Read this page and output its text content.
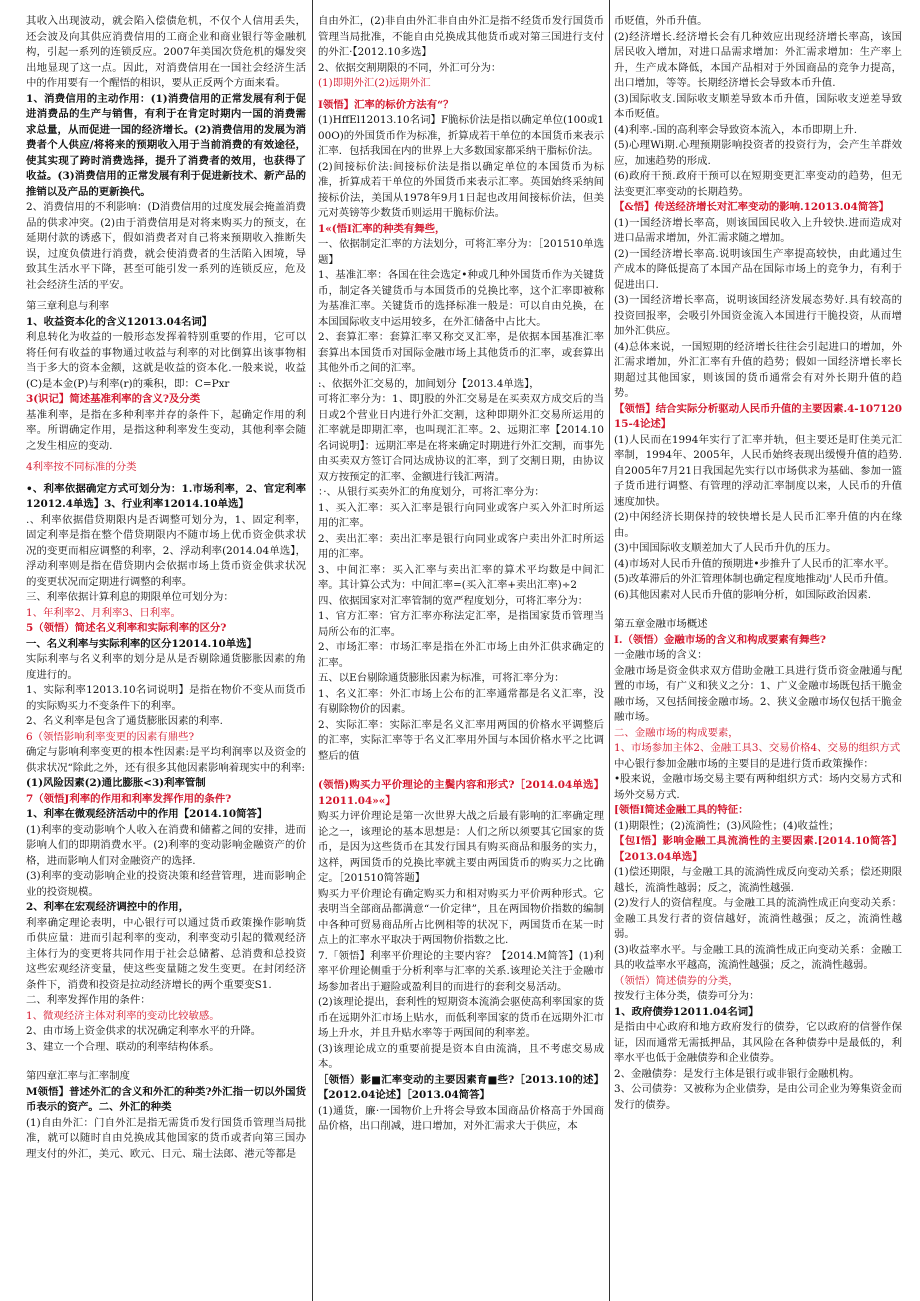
其收入出现波动，就会陷入偿债危机，不仅个人信用丢失，还会波及向其供应消费信用的工商企业和商业银行等金融机构，引起一系列的连锁反应。2007年美国次贷危机的爆发突出地显现了这一点。因此，对消费信用在一国社会经济生活中的作用要有一个醒悟的相识，要从正反两个方面来看。

1、消费信用的主动作用：(1)消费信用的正常发展有利于促进消费品的生产与销售，有利于在肯定时期内一国的消费需求总量，从而促进一国的经济增长。(2)消费信用的发展为消费者个人供应/将将来的预期收入用于当前消费的有效途径，使其实现了跨时消费选择，提升了消费者的效用，也获得了收益。(3)消费信用的正常发展有利于促进新技术、新产品的推销以及产品的更新换代。

2、消费信用的不利影响：(D消费信用的过度发展会掩盖消费品的供求冲突。(2)由于消费信用是对将来购买力的预支，在延期付款的诱惑下，假如消费者对自己将来预期收入推断失误，过度负债进行消费，就会使消费者的生活陷入困境，导致其生活水平下降，甚至可能引发一系列的连锁反应，危及社会经济生活的平安。

第三章利息与利率

1、收益资本化的含义12013.04名词】

利息转化为收益的一般形态发挥着特别重要的作用，它可以将任何有收益的事物通过收益与利率的对比倒算出该事物相当于多大的资本金额，这就是收益的资本化.一般来说，收益(C)是本金(P)与利率(r)的乘积，即：C=Pxr

3(识记】简述基准利率的含义?及分类

基准利率，是指在多种利率并存的条件下，起确定作用的利率。所谓确定作用，是指这种利率发生变动，其他利率会随之发生相应的变动.

4利率按不同标准的分类

•、利率依据确定方式可划分为：1.市场利率，2、官定利率12012.4单选】3、行业利率12014.10单选】

.、利率依据借贷期限内是否调整可划分为，1、固定利率，固定利率是指在整个借贷期限内不随市场上优币资金供求状况的变更而相应调整的利率，2、浮动利率(2014.04单选】，浮动利率则是指在借贷期内会依据市场上货币资金供求状况的变更状况而定期进行调整的利率。

三、利率依据计算利息的期限单位可划分为：

1、年利率2、月利率3、日利率。

5（领悟）简述名义利率和实际利率的区分?

一、名义利率与实际利率的区分12014.10单选】

实际利率与名义利率的划分是从是否剔除通货膨胀因素的角度进行的。

1、实际利率12013.10名词说明】是指在物价不变从而货币的实际购买力不变条件下的利率。

2、名义利率是包含了通货膨胀因素的利率.

6（领悟影响利率变更的因素有鼎些?

确定与影响利率变更的根本性因素:是平均利润率以及资金的供求状况“除此之外，还有很多其他因素影响着现实中的利率:

(1)风险因素(2)通比膨胀<3)利率管制

7（领悟J利率的作用和利率发挥作用的条件?

1、利率在微观经济活动中的作用【2014.10简答】

(1)利率的变动影响个人收入在消费和储蓄之间的安排，进而影响人们的即期消费水平。(2)利率的变动影响金融资产的价格，进而影响人们对金融资产的选择.

(3)利率的变动影响企业的投资决策和经营管理，进而影响企业的投资规模。

2、利率在宏观经济调控中的作用，

利率确定理论表明，中心银行可以通过货币政策操作影响货币供应量：进而引起利率的变动，利率变动引起的微观经济主体行为的变更将共同作用于社会总储蓄、总消费和总投资这些宏观经济变量，使这些变量随之发生变更。在封闭经济条件下，消费和投资是拉动经济增长的两个重要变S1.

二、利率发挥作用的条件：

1、微观经济主体对利率的变动比较敏感。

2、由市场上资金供求的状况确定利率水平的升降。

3、建立一个合理、联动的利率结构体系。

第四章汇率与汇率制度

M领悟】普述外汇的含义和外汇的种类?外汇指一切以外国货币表示的资产。二、外汇的种类

(1)自由外汇：门自外汇是指无需货币发行国货币管理当局批准，就可以随时自由兑换成其他国家的货币或者向第三国办理支付的外汇，美元、欧元、日元、瑞士法郎、港元等都是

自由外汇，(2)非自由外汇非自由外汇是指不经货币发行国货币管理当局批准，不能自由兑换成其他货币或对第三国进行支付的外汇·【2012.10多选】

2、依据交割期限的不同，外汇可分为：

(1)即期外汇(2)远期外汇

I领悟】汇率的标价方法有“？

(1)HffEl12013.10名词】F脆标价法是指以确定单位(100或100O)的外国货币作为标准，折算成若干单位的本国货币来表示汇率．包括我国在内的世界上大多数国家都采纳干脂标价法。

(2)间接标价法:间接标价法是指以确定单位的本国货币为标准，折算成若干单位的外国货币来表示汇率。英国始终采纳间接标价法，美国从1978年9月1日起也改用间接标价法，但美元对英镑等少数货币则运用干脆标价法。

1«(悟I汇率的种类有舞些，

一、依据制定汇率的方法划分，可将汇率分为：［201510单选题】

1、基准汇率：各国在往会选定•种或几种外国货币作为关键货币，制定各关键货币与本国货币的兑换比率，这个汇率即被称为基准汇率。关键货币的选择标准一般是：可以自由兑换，在本国国际收支中运用较多，在外汇储备中占比大。

2、套算汇率：套算汇率又称交叉汇率，是依据本国基准汇率套算出本国货币对国际金融市场上其他货币的汇率，或套算出其他外币之间的汇率。

:、依据外汇交易的，加间划分【2013.4单选】，

可将汇率分为：1、即J股的外汇交易是在买卖双方成交后的当日或2个营业日内进行外汇交割，这种即期外汇交易所运用的汇率就是即期汇率，也叫现汇汇率。2、远期汇率【2014.10名词说明】：远期汇率是在将来确定时期进行外汇交割，而事先由买卖双方签订合同达成协议的汇率，到了交割日期，由协议双方按预定的汇率、金额进行钱汇两清。

：·、从银行买卖外汇的角度划分，可将汇率分为：

1、买入汇率：买入汇率是银行向同业或客户买入外汇时所运用的汇率。

2、卖出汇率：卖出汇率是银行向同业或客户卖出外汇时所运用的汇率。

3、中间汇率：买入汇率与卖出汇率的算术平均数是中间汇率。其计算公式为：中间汇率=(买入汇率+卖出汇率)÷2

四、依据国家对汇率管制的宽严程度划分，可将汇率分为：

1、官方汇率：官方汇率亦称法定汇率，是指国家货币管理当局所公布的汇率。

2、市场汇率：市场汇率是指在外汇市场上由外汇供求确定的汇率。

五、以E台剔除通货膨胀因素为标准，可将汇率分为：

1、名义汇率：外汇市场上公布的汇率通常都是名义汇率，没有剔除物价的因素。

2、实际汇率：实际汇率是名义汇率用两国的价格水平调整后的汇率，实际汇率等于名义汇率用外国与本国价格水平之比调整后的值

(领悟)购买力平价理论的主鬓内容和形式?［2014.04单选】12011.04»«】

购买力评价理论是第一次世界大战之后最有影响的汇率确定理论之一，该理论的基本思想是：人们之所以须要其它国家的货币，是因为这些货币在其发行国具有购买商品和服务的实力，这样，两国货币的兑换比率就主要由两国货币的购买力之比确定。［201510简答题】

购买力平价理论有确定购买力和相对购买力平价两种形式。它表明当全部商品都满意“一价定律”，且在两国物价指数的编制中各种可贸易商品所占比例相等的状况下，两国货币在某一时点上的汇率水平取决于两国物价指数之比.

7.「领悟】利率平价理论的主要内容？【2014.M简答】(1)利率平价理论侧重于分析利率与汇率的关系.该理论关注于金融市场参加者出于避险或盈利目的而进行的套利交易活动。

(2)该理论提出，套利性的短期资本流淌会驱使高利率国家的货币在远期外汇市场上贴水，而低利率国家的货币在远期外汇市场上升水，并且升贴水率等于两国间的利率差。

(3)该理论成立的重要前提是资本自由流淌，且不考虑交易成本。

［领悟）影■汇率变动的主要因素育■些?［2013.10的述】【2012.04论述】［2013.04简答】

(1)通货，廉·一国物价上升将会导致本国商品价格高于外国商品价格，出口削减，进口增加，对外汇需求大于供应，本

币贬值，外币升值。

(2)经济增长.经济增长会有几种效应出现经济增长率高，该国居民收入增加，对进口品需求增加：外汇需求增加：生产率上升，生产成本降低，本国产品相对于外国商品的竞争力提高，出口增加，等等。长期经济增长会导致本币升值.

(3)国际收支.国际收支顺差导致本币升值，国际收支逆差导致本币贬值。

(4)利率.-国的高利率会导致资本流入，本币即期上升.

(5)心理Wi期.心理预期影响投资者的投资行为，会产生羊群效应，加速趋势的形成.

(6)政府干预.政府干预可以在短期变更汇率变动的趋势，但无法变更汇率变动的长期趋势。

【&悟】传送经济增长对汇率变动的影响.12013.04简答】

(1)一国经济增长率高，则该国国民收入上升较快.进而造成对进口品需求增加，外汇需求随之增加。

(2)一国经济增长率高.说明该国生产率提高较快，由此通过生产成本的降低提高了本国产品在国际市场上的竞争力，有利于促进出口.

(3)一国经济增长率高，说明该国经济发展态势好.具有较高的投资回报率，会吸引外国资金流入本国进行干脆投资，从而增加外汇供应。

(4)总体来说，一国短期的经济增长往往会引起进口的增加，外汇需求增加，外汇汇率有升值的趋势；假如一国经济增长率长期超过其他国家，则该国的货币通常会有对外长期升值的趋势。

【领悟】结合实际分析驱动人民币升值的主要因素.4-10712015-4论述】

(1)人民而在1994年实行了汇率并轨，但主要还是盯住美元汇率制，1994年、2005年，人民币始终表现出缓慢升值的趋势.自2005年7月21日我国起先实行以市场供求为基础、参加一篮子货币进行调整、有管理的浮动汇率制度以来，人民币的升值速度加快。

(2)中闲经济长期保持的较快增长是人民币汇率升值的内在缘由。

(3)中国国际收支顺差加大了人民币升仇的压力。

(4)市场对人民币升值的预期进•步推升了人民币的汇率水平。

(5)改革滞后的外汇管理体制也确定程度地推动j'人民币升值。

(6)其他因素对人民币升值的影响分析，如国际政治因素.

第五章金融市场概述

I.（领悟）金融市场的含义和构成要素有舞些?

一金融市场的含义：

金融市场是资金供求双方借助金融工具进行货币资金融通与配置的市场，有广义和狭义之分：1、广义金融市场既包括干脆金融市场，又包括间接金融市场。2、狭义金融市场仅包括干脆金融市场。

二、金融市场的构成要素，

1、市场参加主体2、金融工具3、交易价格4、交易的组织方式

中心银行参加金融市场的主要目的是进行货币政策操作：

•股来说，金融市场交易主要有两种组织方式：场内交易方式和场外交易方式.

[领悟I简述金融工具的特征：

(1)期限性；(2)流淌性；(3)风险性；(4)收益性；

【包I悟】影响金融工具流淌性的主要因素.[2014.10简答】【2013.04单选】

(1)偿还期限，与金融工具的流淌性成反向变动关系；偿还期限越长，流淌性越弱；反之，流淌性越强.

(2)发行人的资信程度。与金融工具的流淌性成正向变动关系：金融工具发行者的资信越好，流淌性越强；反之，流淌性越弱。

(3)收益率水平。与金融工具的流淌性成正向变动关系：金融工具的收益率水平越高，流淌性越强；反之，流淌性越弱。

（领悟）简述债券的分类，

按发行主体分类，债券可分为：

1、政府债券12011.04名词】

是指由中心政府和地方政府发行的债券，它以政府的信誉作保证，因而通常无需抵押品，其风险在各种债券中是最低的，利率水平也低于金融债券和企业债券。

2、金融债券：是发行主体是银行或非银行金融机构。

3、公司债券：又被称为企业债券，是由公司企业为筹集资金而发行的债券。
